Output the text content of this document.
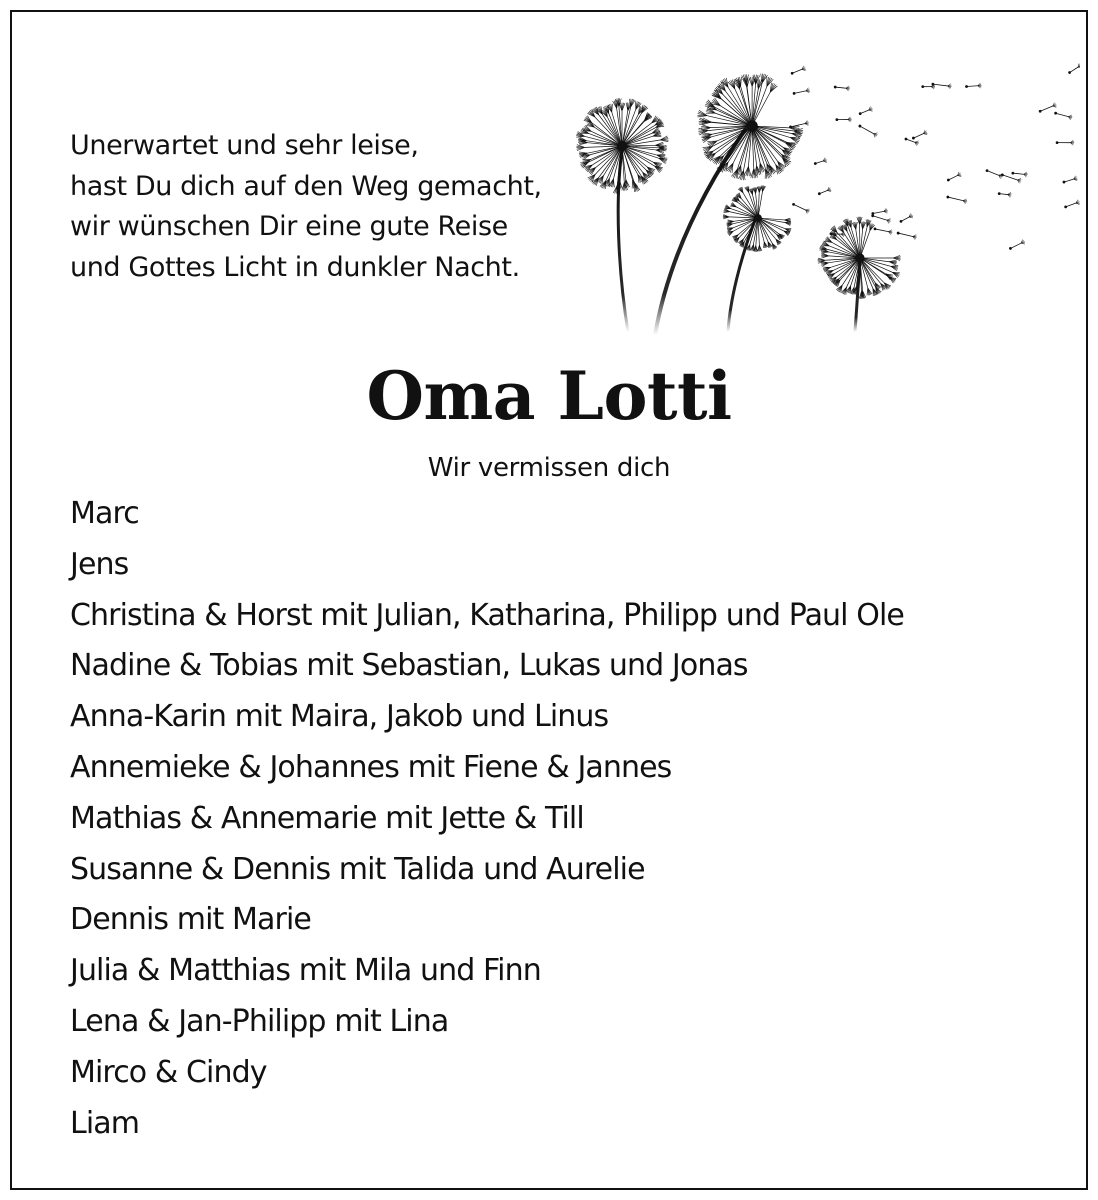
Unerwartet und sehr leise,
hast Du dich auf den Weg gemacht,
wir wünschen Dir eine gute Reise
und Gottes Licht in dunkler Nacht.
Oma Lotti
Wir vermissen dich
Marc
Jens
Christina & Horst mit Julian, Katharina, Philipp und Paul Ole
Nadine & Tobias mit Sebastian, Lukas und Jonas
Anna-Karin mit Maira, Jakob und Linus
Annemieke & Johannes mit Fiene & Jannes
Mathias & Annemarie mit Jette & Till
Susanne & Dennis mit Talida und Aurelie
Dennis mit Marie
Julia & Matthias mit Mila und Finn
Lena & Jan-Philipp mit Lina
Mirco & Cindy
Liam
